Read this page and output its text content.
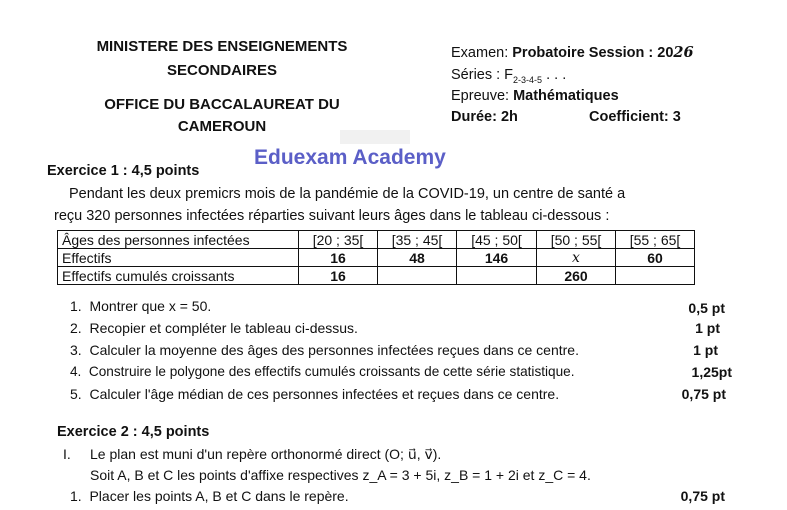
MINISTERE DES ENSEIGNEMENTS
SECONDAIRES
OFFICE DU BACCALAUREAT DU
CAMEROUN
Examen: Probatoire Session : 2026
Séries : $F_{2-3-4-5}$ . . .
Epreuve: Mathématiques
Durée: 2h	Coefficient: 3
Eduexam Academy
Exercice 1 : 4,5 points
Pendant les deux premicrs mois de la pandémie de la COVID-19, un centre de santé a
reçu 320 personnes infectées réparties suivant leurs âges dans le tableau ci-dessous :
Âges des personnes infectées	[20 ; 35[	[35 ; 45[	[45 ; 50[	[50 ; 55[	[55 ; 65[
Effectifs	16	48	146	x	60
Effectifs cumulés croissants	16			260	
1. Montrer que x = 50.	0,5 pt
2. Recopier et compléter le tableau ci-dessus.	1 pt
3. Calculer la moyenne des âges des personnes infectées reçues dans ce centre.	1 pt
4. Construire le polygone des effectifs cumulés croissants de cette série statistique.	1,25pt
5. Calculer l'âge médian de ces personnes infectées et reçues dans ce centre.	0,75 pt
Exercice 2 : 4,5 points
I. Le plan est muni d'un repère orthonormé direct (O; u⃗, v⃗).
Soit A, B et C les points d'affixe respectives z_A = 3 + 5i, z_B = 1 + 2i et z_C = 4.
1. Placer les points A, B et C dans le repère.	0,75 pt
